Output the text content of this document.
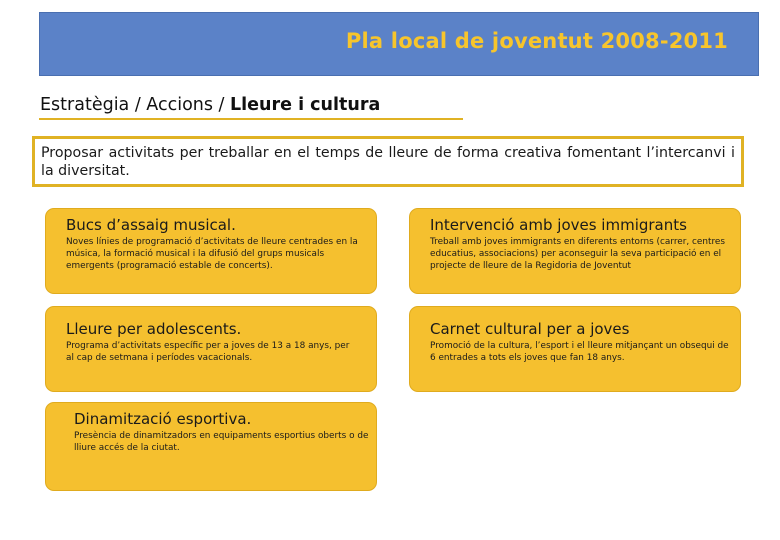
Pla local de joventut 2008-2011
Estratègia / Accions / Lleure i cultura
Proposar activitats per treballar en el temps de lleure de forma creativa fomentant l’intercanvi i la diversitat.
Bucs d’assaig musical.
Noves línies de programació d’activitats de lleure centrades en la música, la formació musical i la difusió del grups musicals emergents (programació estable de concerts).
Intervenció amb joves immigrants
Treball amb joves immigrants en diferents entorns (carrer, centres educatius, associacions) per aconseguir la seva participació en el projecte de lleure de la Regidoria de Joventut
Lleure per adolescents.
Programa d’activitats específic per a joves de 13 a 18 anys, per al cap de setmana i períodes vacacionals.
Carnet cultural per a joves
Promoció de la cultura, l’esport i el lleure mitjançant un obsequi de 6 entrades a tots els joves que fan 18 anys.
Dinamització esportiva.
Presència de dinamitzadors en equipaments esportius oberts o de lliure accés de la ciutat.
